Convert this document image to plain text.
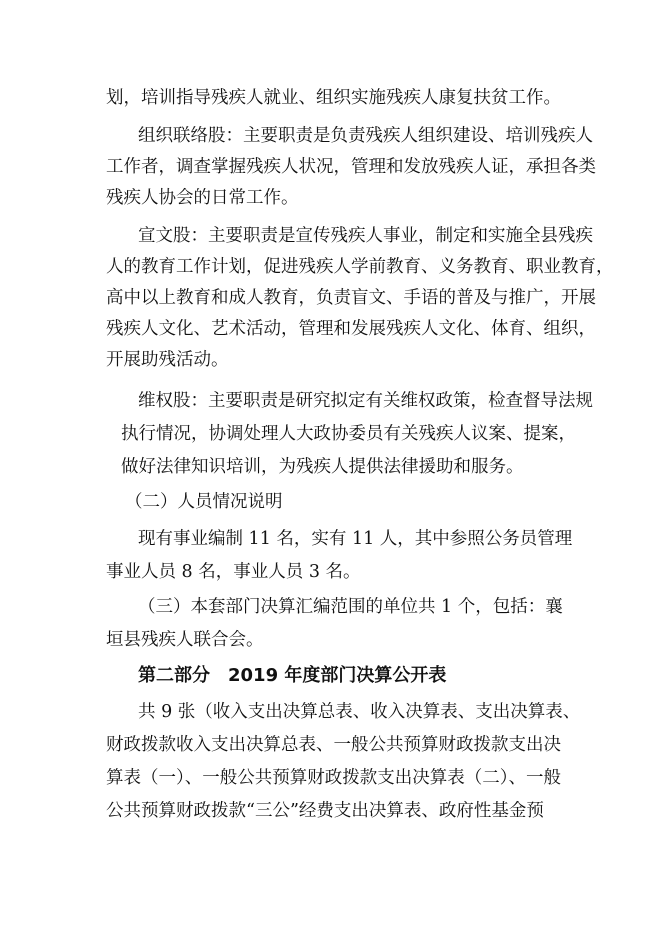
划，培训指导残疾人就业、组织实施残疾人康复扶贫工作。

组织联络股：主要职责是负责残疾人组织建设、培训残疾人

工作者，调查掌握残疾人状况，管理和发放残疾人证，承担各类

残疾人协会的日常工作。

宣文股：主要职责是宣传残疾人事业，制定和实施全县残疾

人的教育工作计划，促进残疾人学前教育、义务教育、职业教育，

高中以上教育和成人教育，负责盲文、手语的普及与推广，开展

残疾人文化、艺术活动，管理和发展残疾人文化、体育、组织，

开展助残活动。

维权股：主要职责是研究拟定有关维权政策，检查督导法规

执行情况，协调处理人大政协委员有关残疾人议案、提案，

做好法律知识培训，为残疾人提供法律援助和服务。

（二）人员情况说明

现有事业编制 11 名，实有 11 人，其中参照公务员管理

事业人员 8 名，事业人员 3 名。

（三）本套部门决算汇编范围的单位共 1 个，包括：襄

垣县残疾人联合会。

第二部分　2019 年度部门决算公开表

共 9 张（收入支出决算总表、收入决算表、支出决算表、

财政拨款收入支出决算总表、一般公共预算财政拨款支出决

算表（一）、一般公共预算财政拨款支出决算表（二）、一般

公共预算财政拨款“三公”经费支出决算表、政府性基金预
